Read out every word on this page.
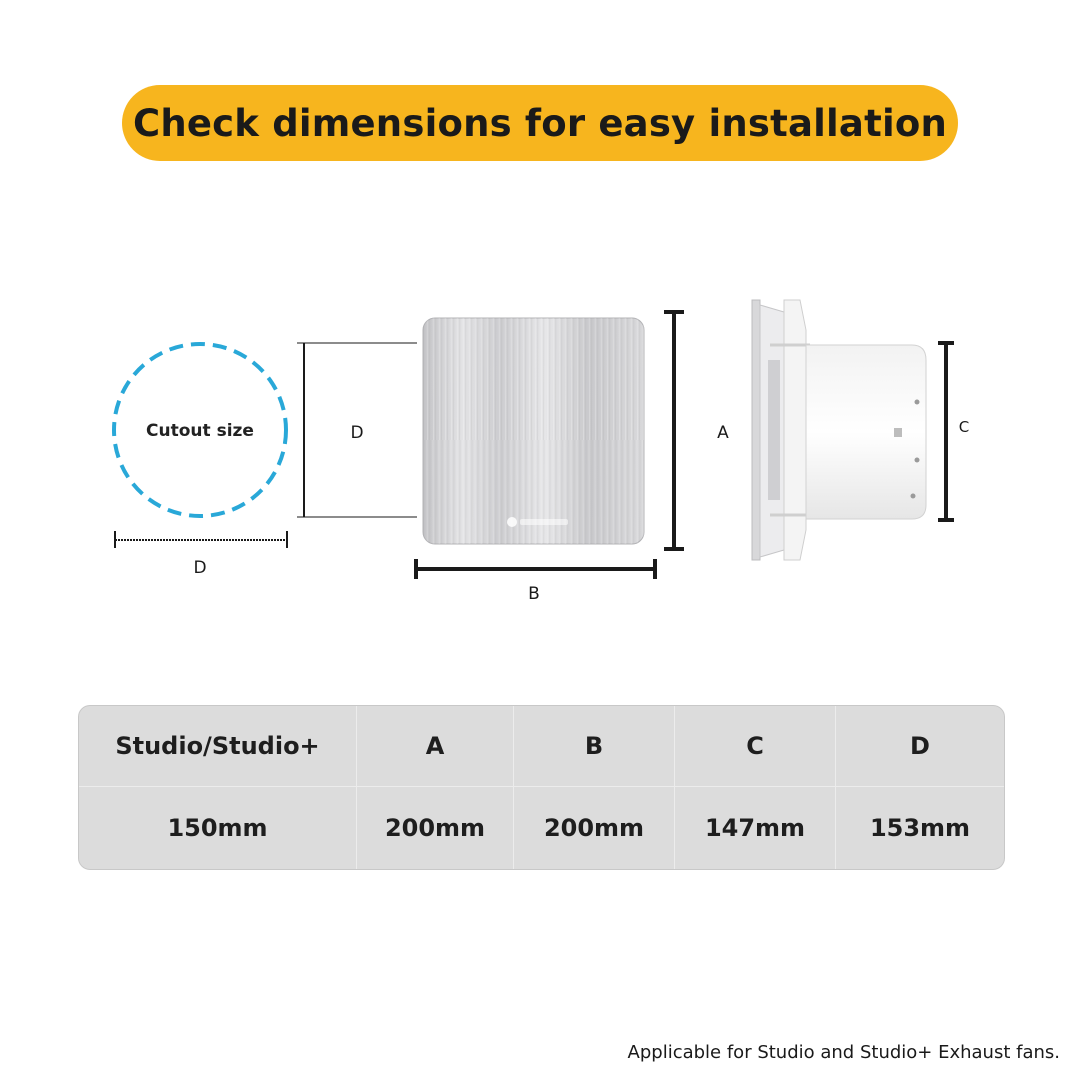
Check dimensions for easy installation
Cutout size
D
D	A
B
C
Studio/Studio+	A	B	C	D
150mm	200mm	200mm	147mm	153mm
Applicable for Studio and Studio+ Exhaust fans.
